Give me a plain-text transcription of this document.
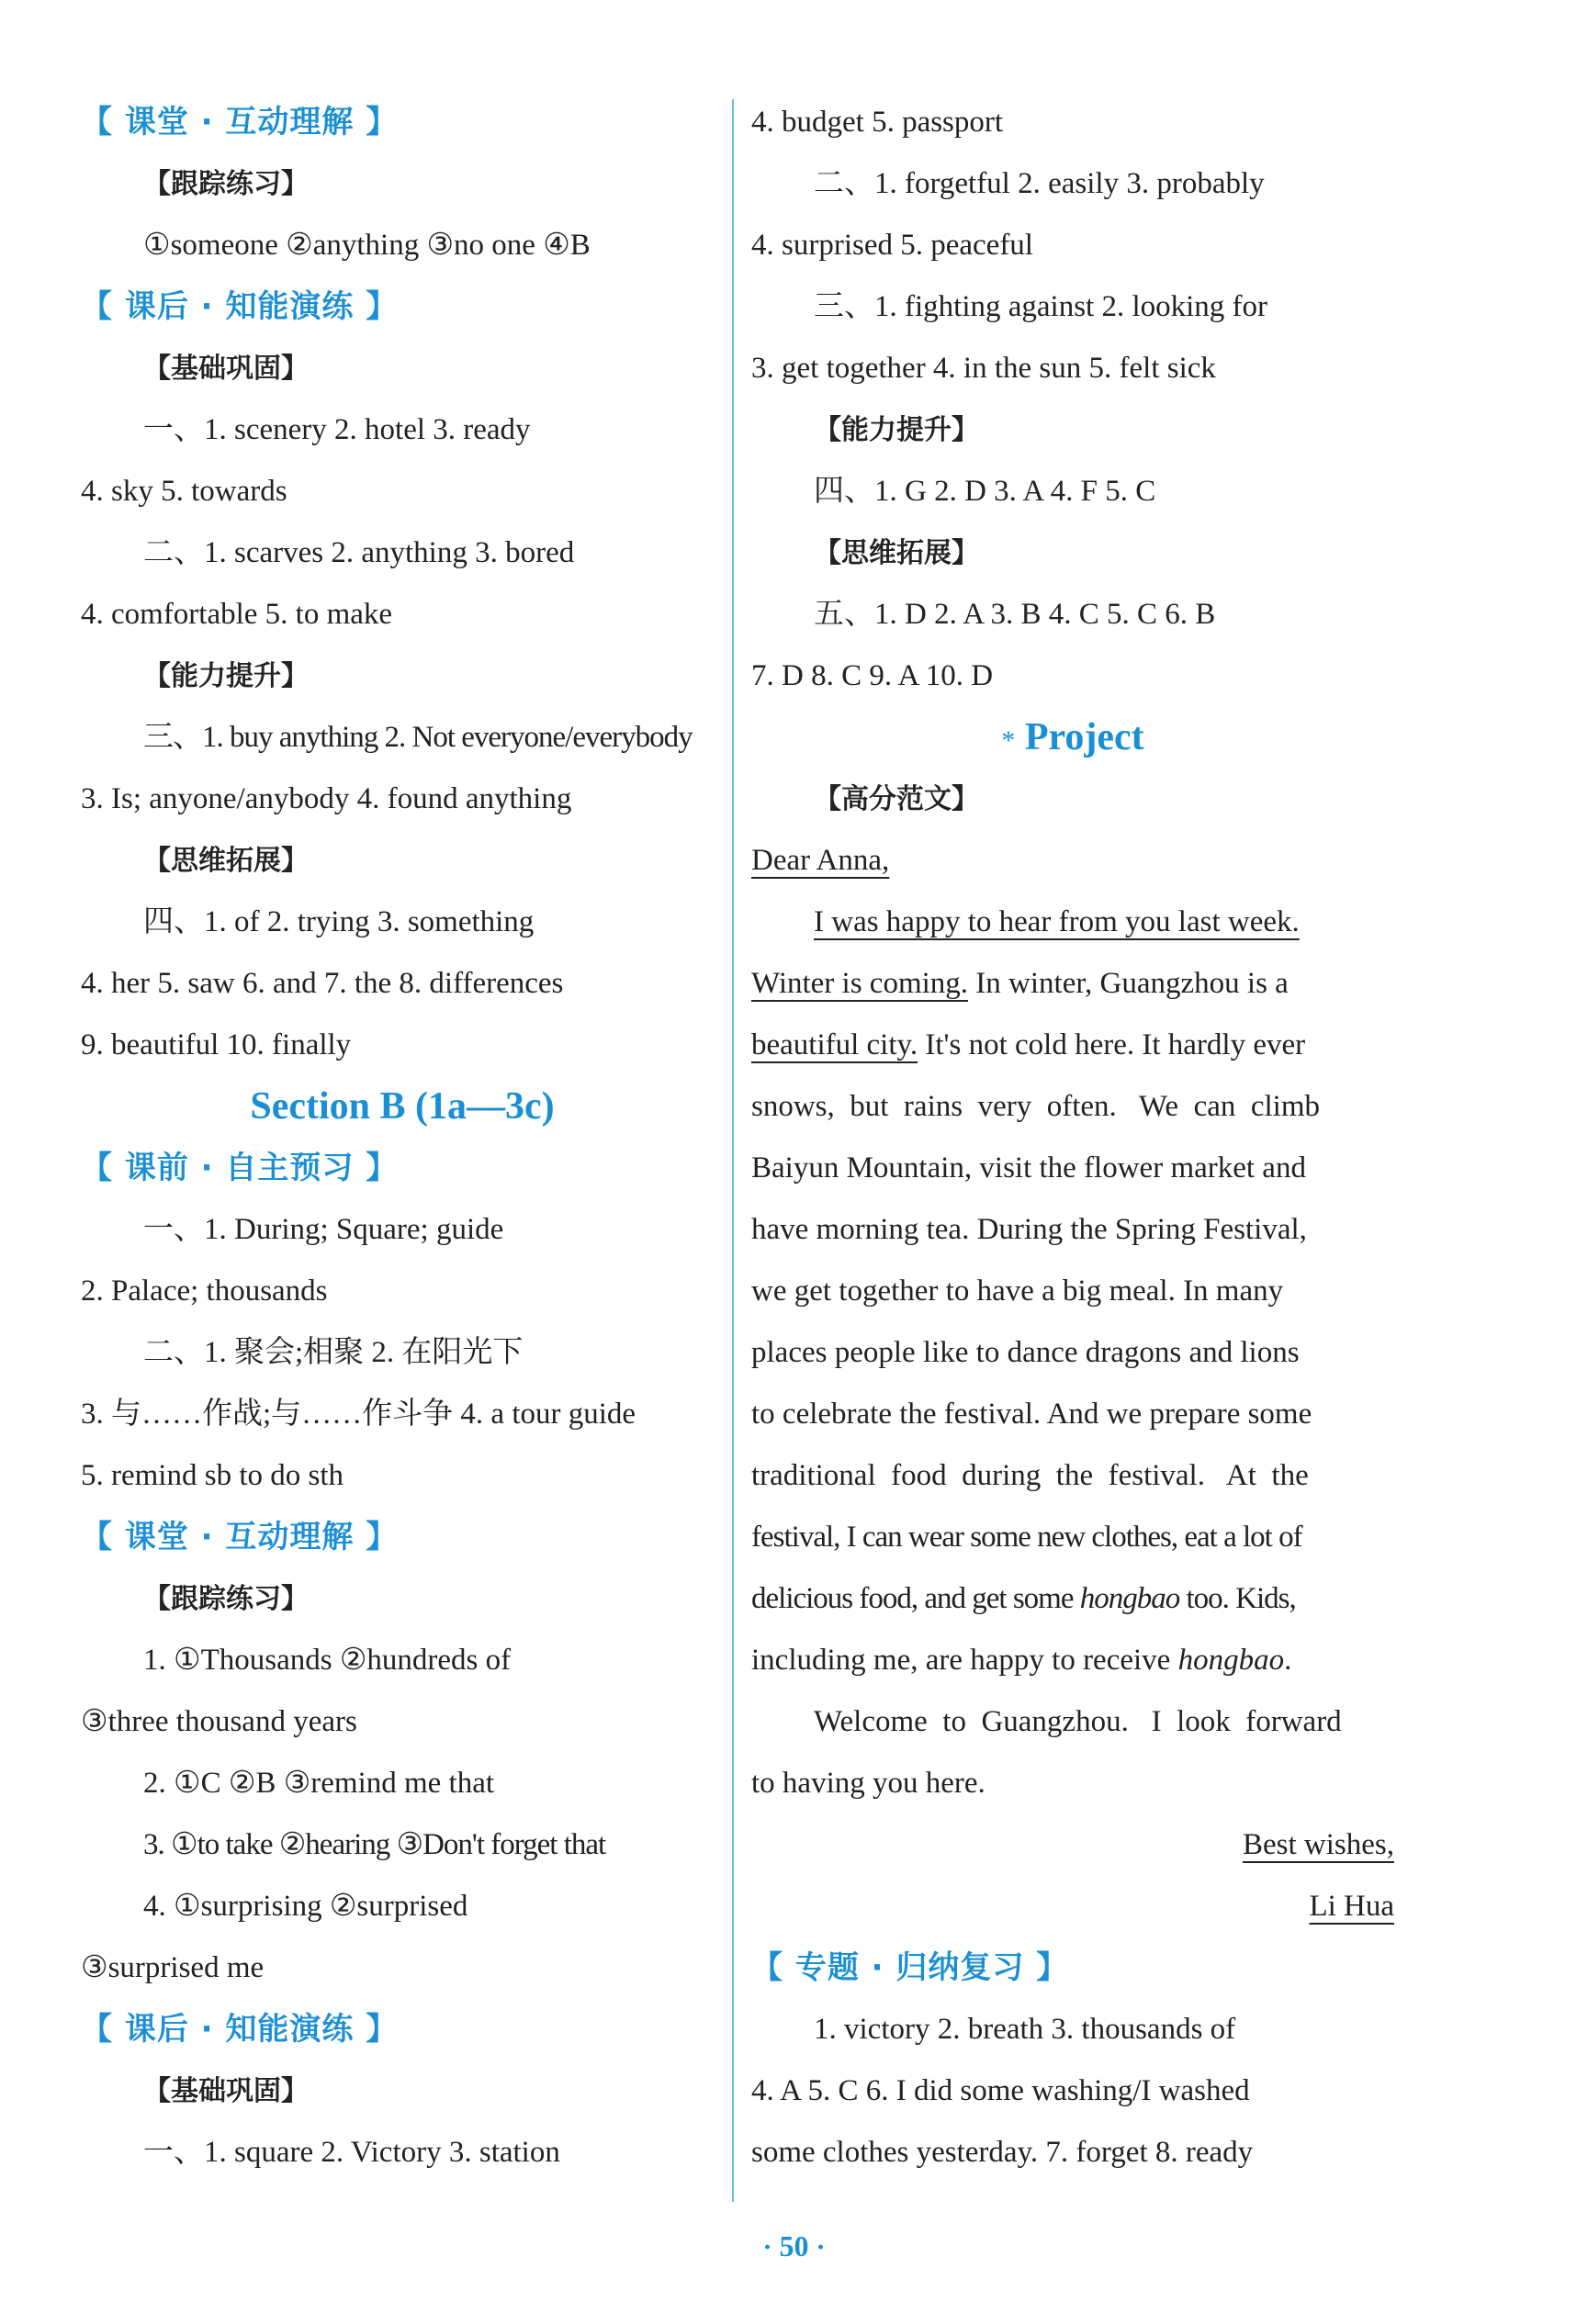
【 课堂 · 互动理解 】
【跟踪练习】
①someone ②anything ③no one ④B
【 课后 · 知能演练 】
【基础巩固】
一、1. scenery 2. hotel 3. ready
4. sky 5. towards
二、1. scarves 2. anything 3. bored
4. comfortable 5. to make
【能力提升】
三、1. buy anything 2. Not everyone/everybody
3. Is; anyone/anybody 4. found anything
【思维拓展】
四、1. of 2. trying 3. something
4. her 5. saw 6. and 7. the 8. differences
9. beautiful 10. finally
Section B (1a—3c)
【 课前 · 自主预习 】
一、1. During; Square; guide
2. Palace; thousands
二、1. 聚会;相聚 2. 在阳光下
3. 与……作战;与……作斗争 4. a tour guide
5. remind sb to do sth
【 课堂 · 互动理解 】
【跟踪练习】
1. ①Thousands ②hundreds of
③three thousand years
2. ①C ②B ③remind me that
3. ①to take ②hearing ③Don't forget that
4. ①surprising ②surprised
③surprised me
【 课后 · 知能演练 】
【基础巩固】
一、1. square 2. Victory 3. station
4. budget 5. passport
二、1. forgetful 2. easily 3. probably
4. surprised 5. peaceful
三、1. fighting against 2. looking for
3. get together 4. in the sun 5. felt sick
【能力提升】
四、1. G 2. D 3. A 4. F 5. C
【思维拓展】
五、1. D 2. A 3. B 4. C 5. C 6. B
7. D 8. C 9. A 10. D
* Project
【高分范文】
Dear Anna,
I was happy to hear from you last week.
Winter is coming. In winter, Guangzhou is a
beautiful city. It's not cold here. It hardly ever
snows,  but  rains  very  often.   We  can  climb
Baiyun Mountain, visit the flower market and
have morning tea. During the Spring Festival,
we get together to have a big meal. In many
places people like to dance dragons and lions
to celebrate the festival. And we prepare some
traditional  food  during  the  festival.   At  the
festival, I can wear some new clothes, eat a lot of
delicious food, and get some hongbao too. Kids,
including me, are happy to receive hongbao.
Welcome  to  Guangzhou.   I  look  forward
to having you here.
Best wishes,
Li Hua
【 专题 · 归纳复习 】
1. victory 2. breath 3. thousands of
4. A 5. C 6. I did some washing/I washed
some clothes yesterday. 7. forget 8. ready
· 50 ·
